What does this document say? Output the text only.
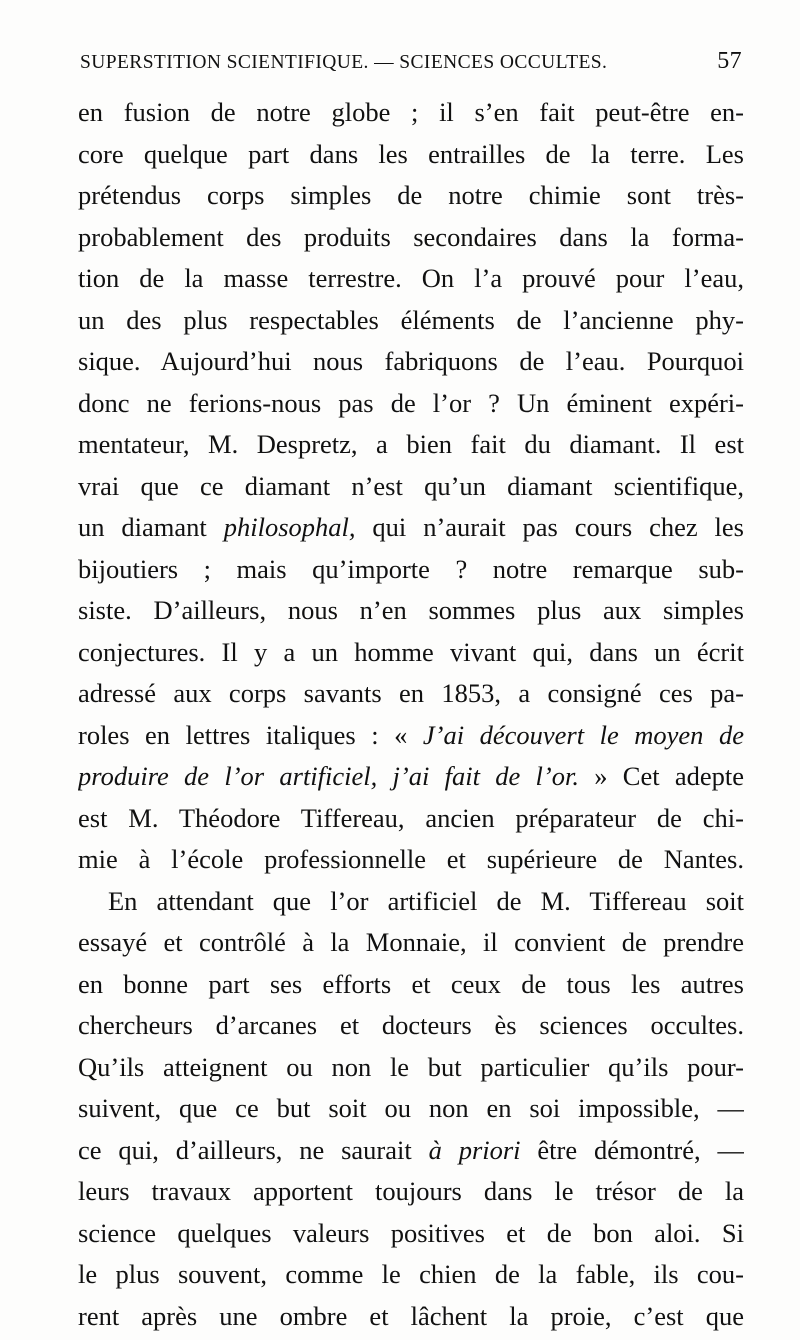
SUPERSTITION SCIENTIFIQUE. — SCIENCES OCCULTES.	57
en fusion de notre globe ; il s’en fait peut-être en-
core quelque part dans les entrailles de la terre. Les
prétendus corps simples de notre chimie sont très-
probablement des produits secondaires dans la forma-
tion de la masse terrestre. On l’a prouvé pour l’eau,
un des plus respectables éléments de l’ancienne phy-
sique. Aujourd’hui nous fabriquons de l’eau. Pourquoi
donc ne ferions-nous pas de l’or ? Un éminent expéri-
mentateur, M. Despretz, a bien fait du diamant. Il est
vrai que ce diamant n’est qu’un diamant scientifique,
un diamant philosophal, qui n’aurait pas cours chez les
bijoutiers ; mais qu’importe ? notre remarque sub-
siste. D’ailleurs, nous n’en sommes plus aux simples
conjectures. Il y a un homme vivant qui, dans un écrit
adressé aux corps savants en 1853, a consigné ces pa-
roles en lettres italiques : « J’ai découvert le moyen de
produire de l’or artificiel, j’ai fait de l’or. » Cet adepte
est M. Théodore Tiffereau, ancien préparateur de chi-
mie à l’école professionnelle et supérieure de Nantes.
En attendant que l’or artificiel de M. Tiffereau soit
essayé et contrôlé à la Monnaie, il convient de prendre
en bonne part ses efforts et ceux de tous les autres
chercheurs d’arcanes et docteurs ès sciences occultes.
Qu’ils atteignent ou non le but particulier qu’ils pour-
suivent, que ce but soit ou non en soi impossible, —
ce qui, d’ailleurs, ne saurait à priori être démontré, —
leurs travaux apportent toujours dans le trésor de la
science quelques valeurs positives et de bon aloi. Si
le plus souvent, comme le chien de la fable, ils cou-
rent après une ombre et lâchent la proie, c’est que
